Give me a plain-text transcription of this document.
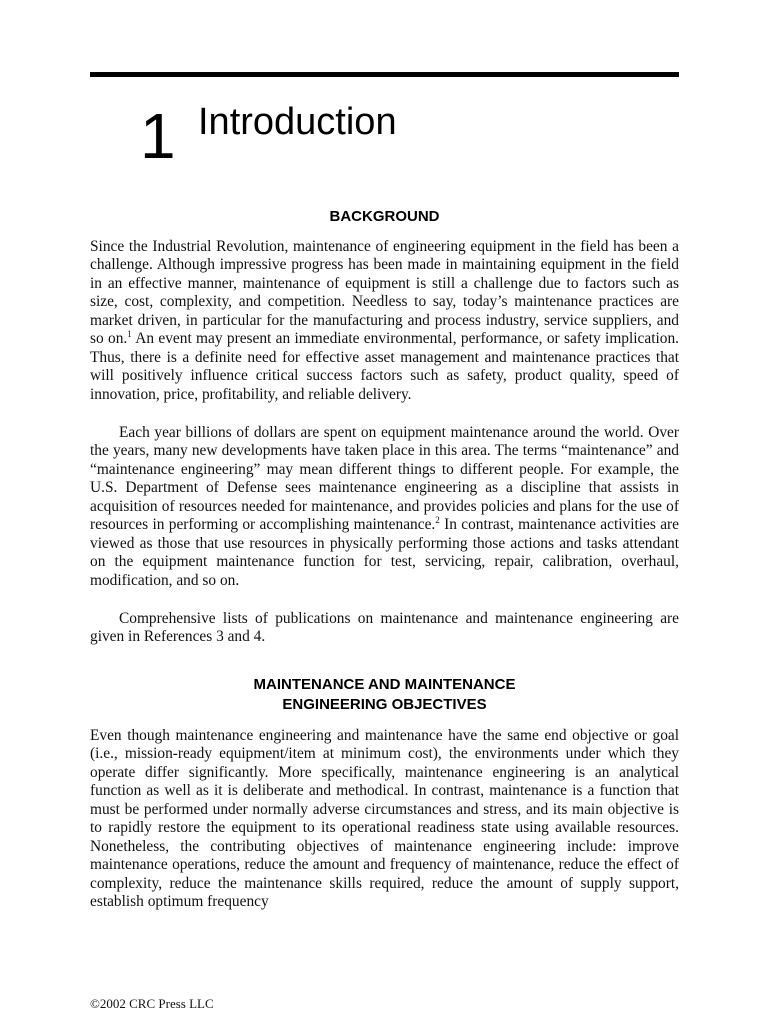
1 Introduction
BACKGROUND

Since the Industrial Revolution, maintenance of engineering equipment in the field has been a challenge. Although impressive progress has been made in maintaining equipment in the field in an effective manner, maintenance of equipment is still a challenge due to factors such as size, cost, complexity, and competition. Needless to say, today’s maintenance practices are market driven, in particular for the manufacturing and process industry, service suppliers, and so on.$^1$ An event may present an immediate environmental, performance, or safety implication. Thus, there is a definite need for effective asset management and maintenance practices that will positively influence critical success factors such as safety, product quality, speed of innovation, price, profitability, and reliable delivery.

Each year billions of dollars are spent on equipment maintenance around the world. Over the years, many new developments have taken place in this area. The terms “maintenance” and “maintenance engineering” may mean different things to different people. For example, the U.S. Department of Defense sees maintenance engineering as a discipline that assists in acquisition of resources needed for maintenance, and provides policies and plans for the use of resources in performing or accomplishing maintenance.$^2$ In contrast, maintenance activities are viewed as those that use resources in physically performing those actions and tasks attendant on the equipment maintenance function for test, servicing, repair, calibration, overhaul, modification, and so on.

Comprehensive lists of publications on maintenance and maintenance engineering are given in References 3 and 4.

MAINTENANCE AND MAINTENANCE
ENGINEERING OBJECTIVES

Even though maintenance engineering and maintenance have the same end objective or goal (i.e., mission-ready equipment/item at minimum cost), the environments under which they operate differ significantly. More specifically, maintenance engineering is an analytical function as well as it is deliberate and methodical. In contrast, maintenance is a function that must be performed under normally adverse circumstances and stress, and its main objective is to rapidly restore the equipment to its operational readiness state using available resources. Nonetheless, the contributing objectives of maintenance engineering include: improve maintenance operations, reduce the amount and frequency of maintenance, reduce the effect of complexity, reduce the maintenance skills required, reduce the amount of supply support, establish optimum frequency

©2002 CRC Press LLC
